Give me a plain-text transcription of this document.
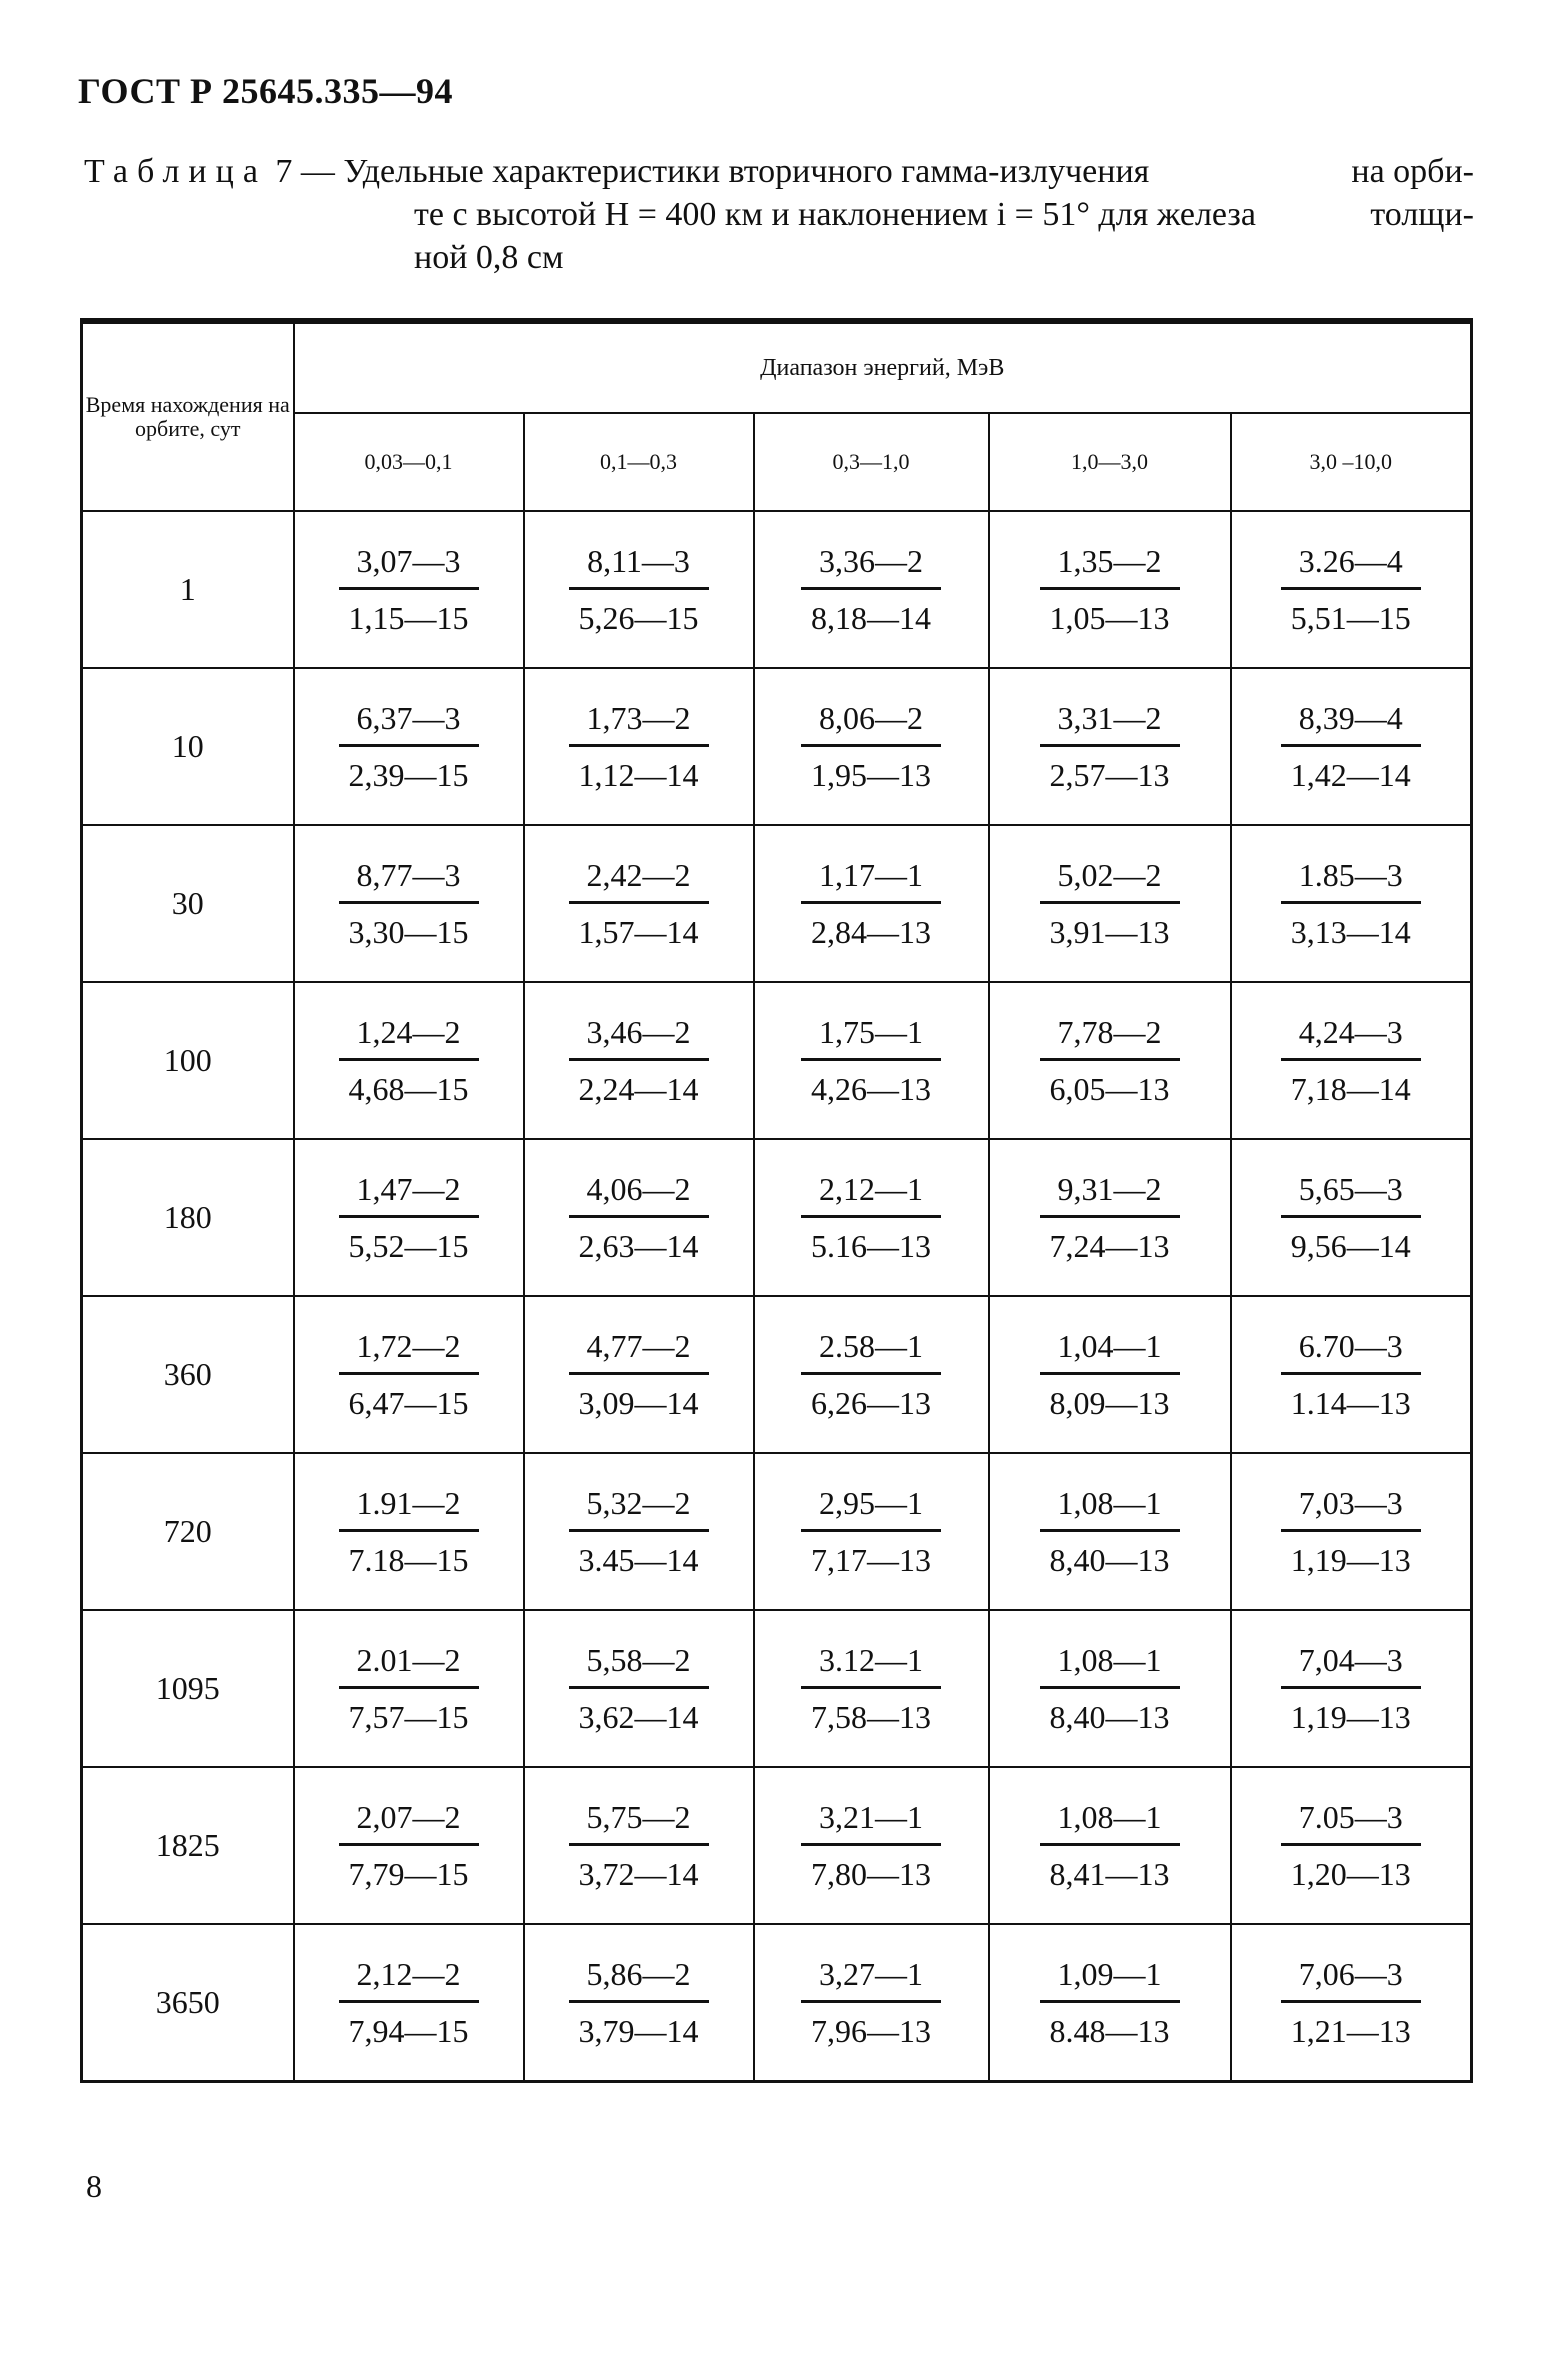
ГОСТ Р 25645.335—94
Таблица 7 — Удельные характеристики вторичного гамма-излучения	на орби-
те с высотой H = 400 км и наклонением i = 51° для железа	толщи-
ной 0,8 см
Время нахождения на орбите, сут	Диапазон энергий, МэВ				
	0,03—0,1	0,1—0,3	0,3—1,0	1,0—3,0	3,0 –10,0
1	$\frac{3,07—3}{1,15—15}$	$\frac{8,11—3}{5,26—15}$	$\frac{3,36—2}{8,18—14}$	$\frac{1,35—2}{1,05—13}$	$\frac{3.26—4}{5,51—15}$

10	$\frac{6,37—3}{2,39—15}$	$\frac{1,73—2}{1,12—14}$	$\frac{8,06—2}{1,95—13}$	$\frac{3,31—2}{2,57—13}$	$\frac{8,39—4}{1,42—14}$

30	$\frac{8,77—3}{3,30—15}$	$\frac{2,42—2}{1,57—14}$	$\frac{1,17—1}{2,84—13}$	$\frac{5,02—2}{3,91—13}$	$\frac{1.85—3}{3,13—14}$

100	$\frac{1,24—2}{4,68—15}$	$\frac{3,46—2}{2,24—14}$	$\frac{1,75—1}{4,26—13}$	$\frac{7,78—2}{6,05—13}$	$\frac{4,24—3}{7,18—14}$

180	$\frac{1,47—2}{5,52—15}$	$\frac{4,06—2}{2,63—14}$	$\frac{2,12—1}{5.16—13}$	$\frac{9,31—2}{7,24—13}$	$\frac{5,65—3}{9,56—14}$

360	$\frac{1,72—2}{6,47—15}$	$\frac{4,77—2}{3,09—14}$	$\frac{2.58—1}{6,26—13}$	$\frac{1,04—1}{8,09—13}$	$\frac{6.70—3}{1.14—13}$

720	$\frac{1.91—2}{7.18—15}$	$\frac{5,32—2}{3.45—14}$	$\frac{2,95—1}{7,17—13}$	$\frac{1,08—1}{8,40—13}$	$\frac{7,03—3}{1,19—13}$

1095	$\frac{2.01—2}{7,57—15}$	$\frac{5,58—2}{3,62—14}$	$\frac{3.12—1}{7,58—13}$	$\frac{1,08—1}{8,40—13}$	$\frac{7,04—3}{1,19—13}$

1825	$\frac{2,07—2}{7,79—15}$	$\frac{5,75—2}{3,72—14}$	$\frac{3,21—1}{7,80—13}$	$\frac{1,08—1}{8,41—13}$	$\frac{7.05—3}{1,20—13}$

3650	$\frac{2,12—2}{7,94—15}$	$\frac{5,86—2}{3,79—14}$	$\frac{3,27—1}{7,96—13}$	$\frac{1,09—1}{8.48—13}$	$\frac{7,06—3}{1,21—13}$
8
